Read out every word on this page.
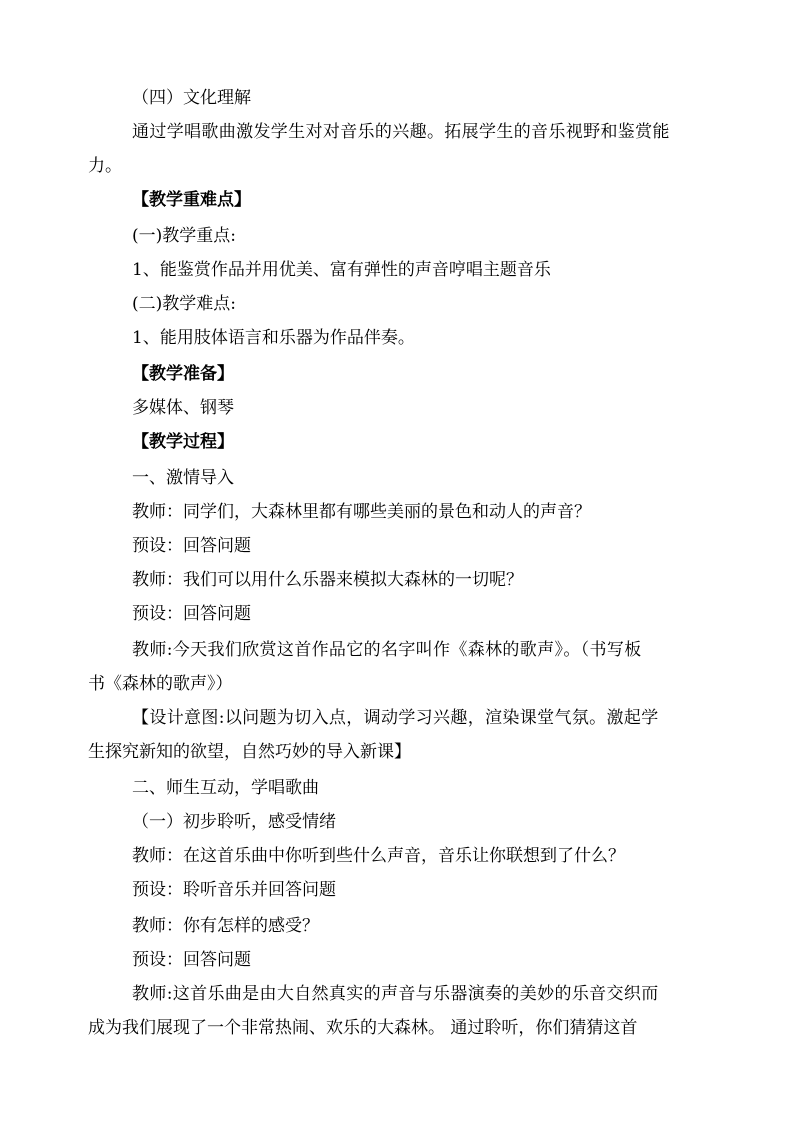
（四）文化理解
通过学唱歌曲激发学生对对音乐的兴趣。拓展学生的音乐视野和鉴赏能
力。
【教学重难点】
(一)教学重点:
1、能鉴赏作品并用优美、富有弹性的声音哼唱主题音乐
(二)教学难点:
1、能用肢体语言和乐器为作品伴奏。
【教学准备】
多媒体、钢琴
【教学过程】
一、激情导入
教师：同学们，大森林里都有哪些美丽的景色和动人的声音？
预设：回答问题
教师：我们可以用什么乐器来模拟大森林的一切呢？
预设：回答问题
教师:今天我们欣赏这首作品它的名字叫作《森林的歌声》。（书写板
书《森林的歌声》）
【设计意图:以问题为切入点，调动学习兴趣，渲染课堂气氛。激起学
生探究新知的欲望，自然巧妙的导入新课】
二、师生互动，学唱歌曲
（一）初步聆听，感受情绪
教师：在这首乐曲中你听到些什么声音，音乐让你联想到了什么？
预设：聆听音乐并回答问题
教师：你有怎样的感受？
预设：回答问题
教师:这首乐曲是由大自然真实的声音与乐器演奏的美妙的乐音交织而
成为我们展现了一个非常热闹、欢乐的大森林。 通过聆听，你们猜猜这首
